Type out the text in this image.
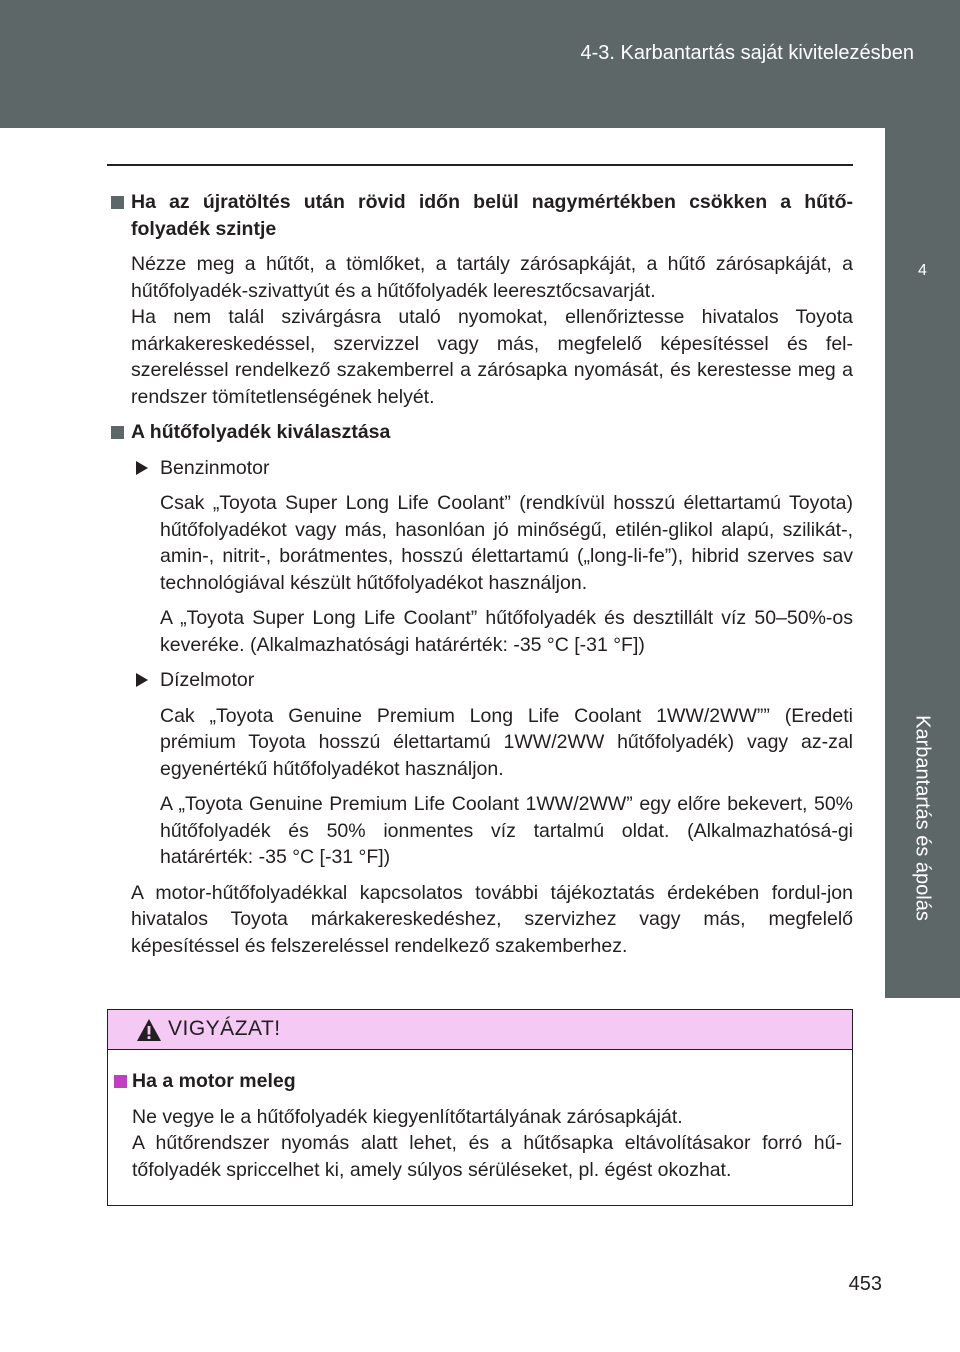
4-3. Karbantartás saját kivitelezésben
4
Karbantartás és ápolás
Ha az újratöltés után rövid időn belül nagymértékben csökken a hűtő-folyadék szintje
Nézze meg a hűtőt, a tömlőket, a tartály zárósapkáját, a hűtő zárósapkáját, a hűtőfolyadék-szivattyút és a hűtőfolyadék leeresztőcsavarját.
Ha nem talál szivárgásra utaló nyomokat, ellenőriztesse hivatalos Toyota márkakereskedéssel, szervizzel vagy más, megfelelő képesítéssel és fel-szereléssel rendelkező szakemberrel a zárósapka nyomását, és kerestesse meg a rendszer tömítetlenségének helyét.
A hűtőfolyadék kiválasztása
Benzinmotor
Csak „Toyota Super Long Life Coolant” (rendkívül hosszú élettartamú Toyota) hűtőfolyadékot vagy más, hasonlóan jó minőségű, etilén-glikol alapú, szilikát-, amin-, nitrit-, borátmentes, hosszú élettartamú („long-li-fe”), hibrid szerves sav technológiával készült hűtőfolyadékot használjon.
A „Toyota Super Long Life Coolant” hűtőfolyadék és desztillált víz 50–50%-os keveréke. (Alkalmazhatósági határérték: -35 °C [-31 °F])
Dízelmotor
Cak „Toyota Genuine Premium Long Life Coolant 1WW/2WW”” (Eredeti prémium Toyota hosszú élettartamú 1WW/2WW hűtőfolyadék) vagy az-zal egyenértékű hűtőfolyadékot használjon.
A „Toyota Genuine Premium Life Coolant 1WW/2WW” egy előre bekevert, 50% hűtőfolyadék és 50% ionmentes víz tartalmú oldat. (Alkalmazhatósá-gi határérték: -35 °C [-31 °F])
A motor-hűtőfolyadékkal kapcsolatos további tájékoztatás érdekében fordul-jon hivatalos Toyota márkakereskedéshez, szervizhez vagy más, megfelelő képesítéssel és felszereléssel rendelkező szakemberhez.
VIGYÁZAT!
Ha a motor meleg
Ne vegye le a hűtőfolyadék kiegyenlítőtartályának zárósapkáját.
A hűtőrendszer nyomás alatt lehet, és a hűtősapka eltávolításakor forró hű-tőfolyadék spriccelhet ki, amely súlyos sérüléseket, pl. égést okozhat.
453
